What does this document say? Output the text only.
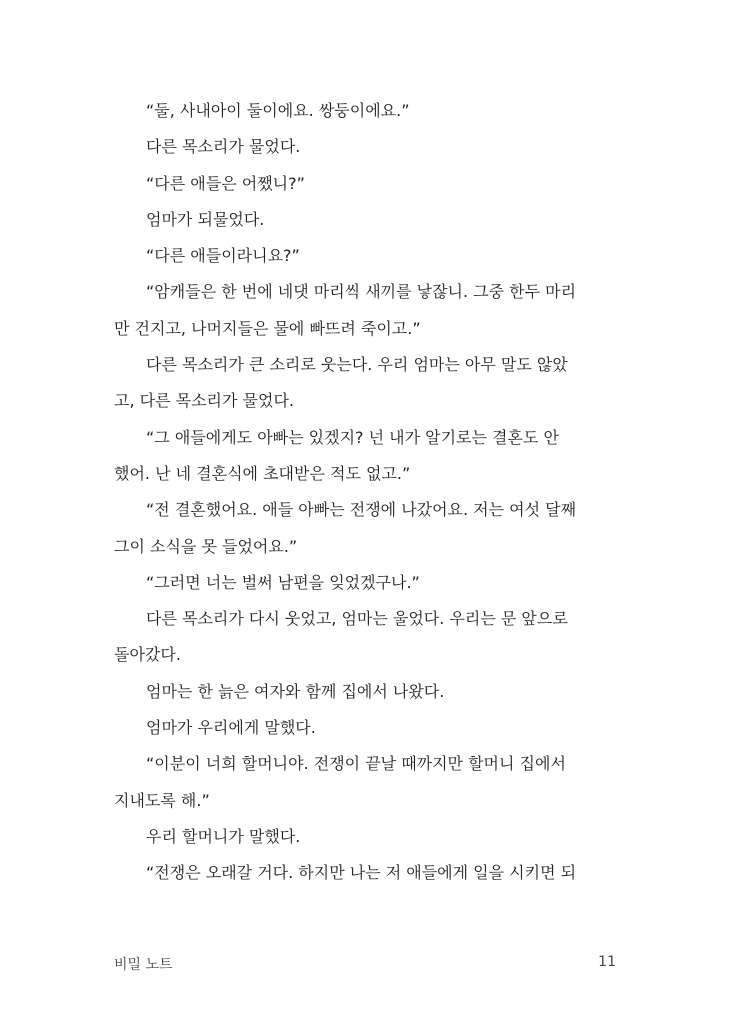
“둘, 사내아이 둘이에요. 쌍둥이에요.”

다른 목소리가 물었다.

“다른 애들은 어쨌니?”

엄마가 되물었다.

“다른 애들이라니요?”

“암캐들은 한 번에 네댓 마리씩 새끼를 낳잖니. 그중 한두 마리
만 건지고, 나머지들은 물에 빠뜨려 죽이고.”

다른 목소리가 큰 소리로 웃는다. 우리 엄마는 아무 말도 않았
고, 다른 목소리가 물었다.

“그 애들에게도 아빠는 있겠지? 넌 내가 알기로는 결혼도 안
했어. 난 네 결혼식에 초대받은 적도 없고.”

“전 결혼했어요. 애들 아빠는 전쟁에 나갔어요. 저는 여섯 달째
그이 소식을 못 들었어요.”

“그러면 너는 벌써 남편을 잊었겠구나.”

다른 목소리가 다시 웃었고, 엄마는 울었다. 우리는 문 앞으로
돌아갔다.

엄마는 한 늙은 여자와 함께 집에서 나왔다.

엄마가 우리에게 말했다.

“이분이 너희 할머니야. 전쟁이 끝날 때까지만 할머니 집에서
지내도록 해.”

우리 할머니가 말했다.

“전쟁은 오래갈 거다. 하지만 나는 저 애들에게 일을 시키면 되

비밀 노트	11
